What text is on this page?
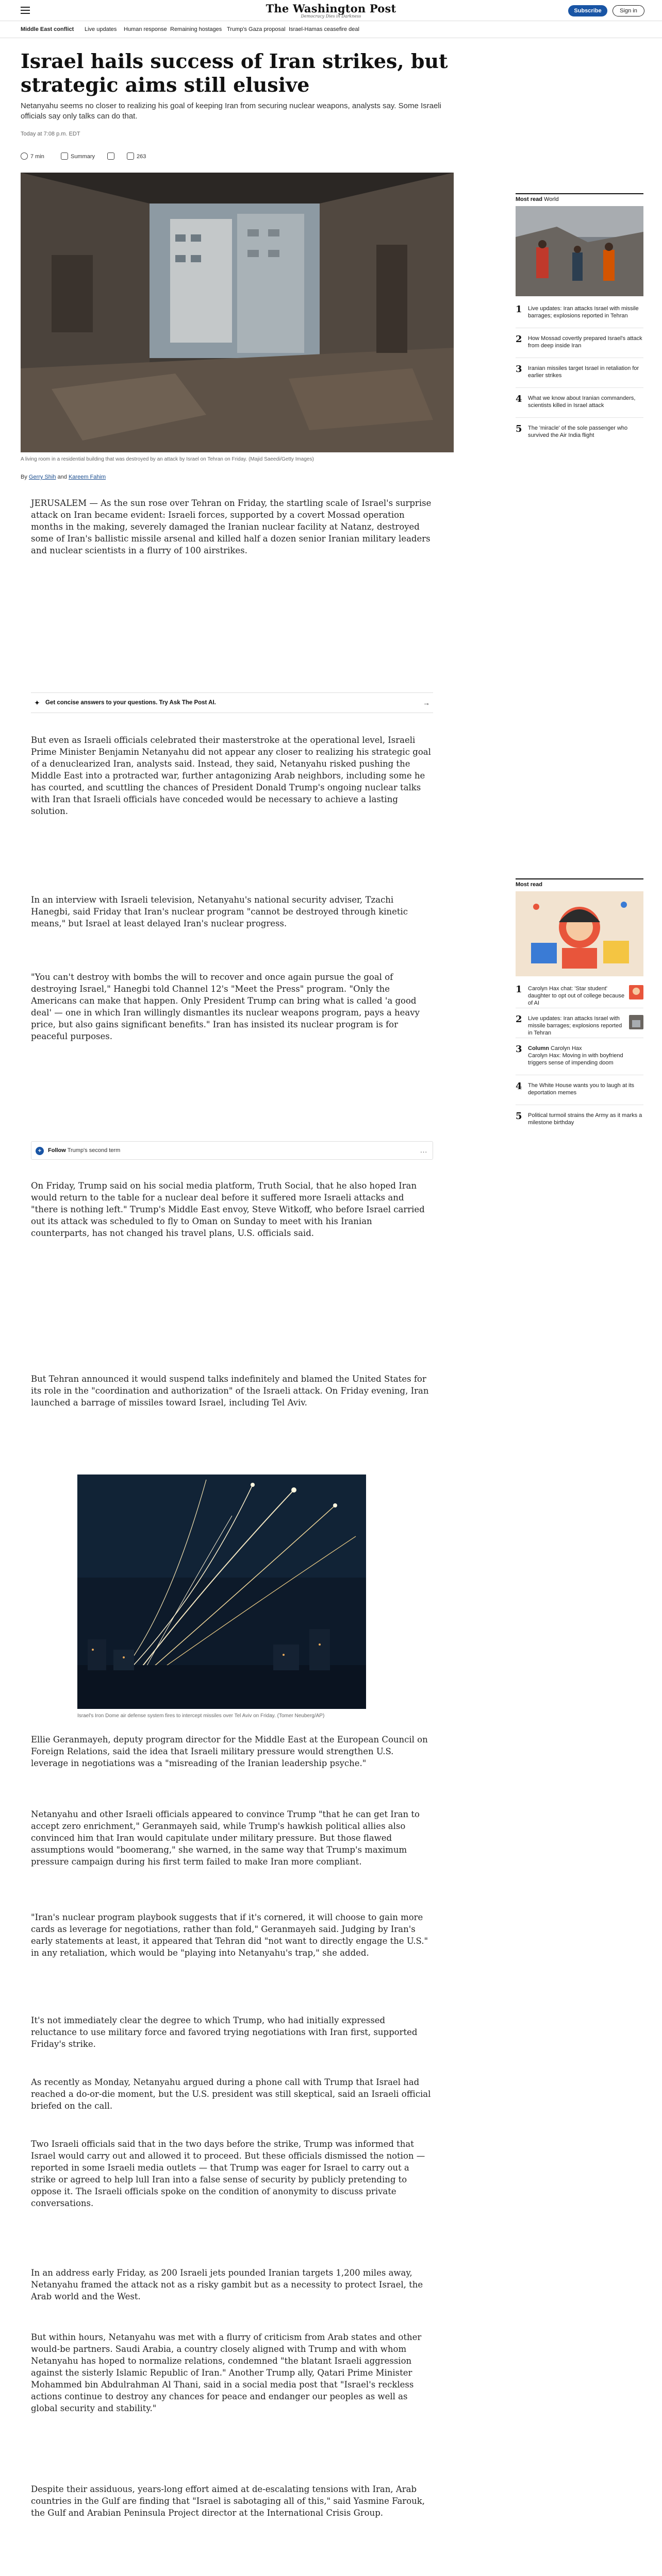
The Washington Post
Democracy Dies in Darkness
Subscribe	Sign in
Middle East conflict Live updates Human response Remaining hostages Trump's Gaza proposal Israel-Hamas ceasefire deal
Israel hails success of Iran strikes, but strategic aims still elusive

Netanyahu seems no closer to realizing his goal of keeping Iran from securing nuclear weapons, analysts say. Some Israeli officials say only talks can do that.

Today at 7:08 p.m. EDT
7 min	Summary	263
A living room in a residential building that was destroyed by an attack by Israel on Tehran on Friday. (Majid Saeedi/Getty Images)
By Gerry Shih and Kareem Fahim

JERUSALEM — As the sun rose over Tehran on Friday, the startling scale of Israel's surprise attack on Iran became evident: Israeli forces, supported by a covert Mossad operation months in the making, severely damaged the Iranian nuclear facility at Natanz, destroyed some of Iran's ballistic missile arsenal and killed half a dozen senior Iranian military leaders and nuclear scientists in a flurry of 100 airstrikes.

✦ Get concise answers to your questions. Try Ask The Post AI.	→

But even as Israeli officials celebrated their masterstroke at the operational level, Israeli Prime Minister Benjamin Netanyahu did not appear any closer to realizing his strategic goal of a denuclearized Iran, analysts said. Instead, they said, Netanyahu risked pushing the Middle East into a protracted war, further antagonizing Arab neighbors, including some he has courted, and scuttling the chances of President Donald Trump's ongoing nuclear talks with Iran that Israeli officials have conceded would be necessary to achieve a lasting solution.

In an interview with Israeli television, Netanyahu's national security adviser, Tzachi Hanegbi, said Friday that Iran's nuclear program "cannot be destroyed through kinetic means," but Israel at least delayed Iran's nuclear progress.

"You can't destroy with bombs the will to recover and once again pursue the goal of destroying Israel," Hanegbi told Channel 12's "Meet the Press" program. "Only the Americans can make that happen. Only President Trump can bring what is called 'a good deal' — one in which Iran willingly dismantles its nuclear weapons program, pays a heavy price, but also gains significant benefits." Iran has insisted its nuclear program is for peaceful purposes.

+	Follow Trump's second term	...

On Friday, Trump said on his social media platform, Truth Social, that he also hoped Iran would return to the table for a nuclear deal before it suffered more Israeli attacks and "there is nothing left." Trump's Middle East envoy, Steve Witkoff, who before Israel carried out its attack was scheduled to fly to Oman on Sunday to meet with his Iranian counterparts, has not changed his travel plans, U.S. officials said.

But Tehran announced it would suspend talks indefinitely and blamed the United States for its role in the "coordination and authorization" of the Israeli attack. On Friday evening, Iran launched a barrage of missiles toward Israel, including Tel Aviv.

Israel's Iron Dome air defense system fires to intercept missiles over Tel Aviv on Friday. (Tomer Neuberg/AP)

Ellie Geranmayeh, deputy program director for the Middle East at the European Council on Foreign Relations, said the idea that Israeli military pressure would strengthen U.S. leverage in negotiations was a "misreading of the Iranian leadership psyche."

Netanyahu and other Israeli officials appeared to convince Trump "that he can get Iran to accept zero enrichment," Geranmayeh said, while Trump's hawkish political allies also convinced him that Iran would capitulate under military pressure. But those flawed assumptions would "boomerang," she warned, in the same way that Trump's maximum pressure campaign during his first term failed to make Iran more compliant.

"Iran's nuclear program playbook suggests that if it's cornered, it will choose to gain more cards as leverage for negotiations, rather than fold," Geranmayeh said. Judging by Iran's early statements at least, it appeared that Tehran did "not want to directly engage the U.S." in any retaliation, which would be "playing into Netanyahu's trap," she added.

It's not immediately clear the degree to which Trump, who had initially expressed reluctance to use military force and favored trying negotiations with Iran first, supported Friday's strike.

As recently as Monday, Netanyahu argued during a phone call with Trump that Israel had reached a do-or-die moment, but the U.S. president was still skeptical, said an Israeli official briefed on the call.

Two Israeli officials said that in the two days before the strike, Trump was informed that Israel would carry out and allowed it to proceed. But these officials dismissed the notion — reported in some Israeli media outlets — that Trump was eager for Israel to carry out a strike or agreed to help lull Iran into a false sense of security by publicly pretending to oppose it. The Israeli officials spoke on the condition of anonymity to discuss private conversations.

In an address early Friday, as 200 Israeli jets pounded Iranian targets 1,200 miles away, Netanyahu framed the attack not as a risky gambit but as a necessity to protect Israel, the Arab world and the West.

But within hours, Netanyahu was met with a flurry of criticism from Arab states and other would-be partners. Saudi Arabia, a country closely aligned with Trump and with whom Netanyahu has hoped to normalize relations, condemned "the blatant Israeli aggression against the sisterly Islamic Republic of Iran." Another Trump ally, Qatari Prime Minister Mohammed bin Abdulrahman Al Thani, said in a social media post that "Israel's reckless actions continue to destroy any chances for peace and endanger our peoples as well as global security and stability."

Despite their assiduous, years-long effort aimed at de-escalating tensions with Iran, Arab countries in the Gulf are finding that "Israel is sabotaging all of this," said Yasmine Farouk, the Gulf and Arabian Peninsula Project director at the International Crisis Group.

Most read World
1 Live updates: Iran attacks Israel with missile barrages; explosions reported in Tehran
2 How Mossad covertly prepared Israel's attack from deep inside Iran
3 Iranian missiles target Israel in retaliation for earlier strikes
4 What we know about Iranian commanders, scientists killed in Israel attack
5 The 'miracle' of the sole passenger who survived the Air India flight
Most read
1 Carolyn Hax chat: 'Star student' daughter to opt out of college because of AI
2 Live updates: Iran attacks Israel with missile barrages; explosions reported in Tehran
3 Column Carolyn Hax
Carolyn Hax: Moving in with boyfriend triggers sense of impending doom
4 The White House wants you to laugh at its deportation memes
5 Political turmoil strains the Army as it marks a milestone birthday
